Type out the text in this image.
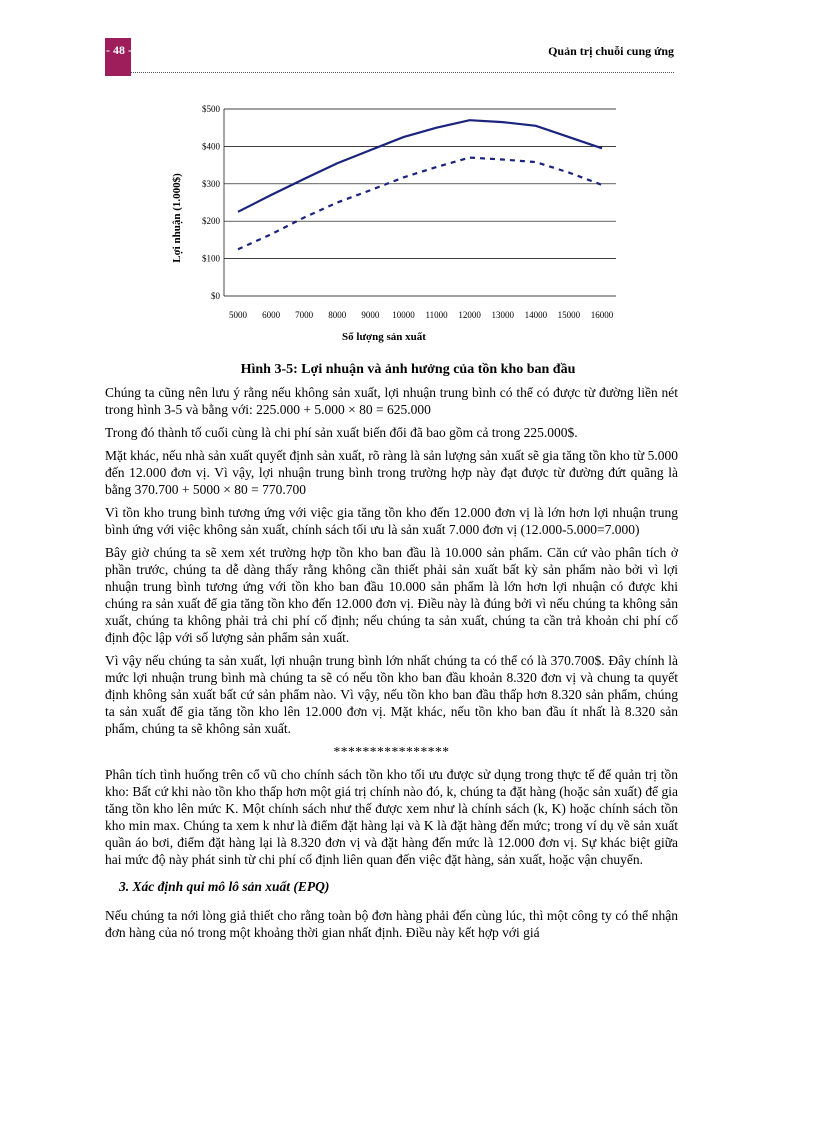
- 48 -	Quản trị chuỗi cung ứng
$0
$100
$200
$300
$400
$500
5000 6000 7000 8000 9000 10000 11000 12000 13000 14000 15000 16000
Lợi nhuận (1.000$)
Số lượng sản xuất
Hình 3-5: Lợi nhuận và ảnh hưởng của tồn kho ban đầu

Chúng ta cũng nên lưu ý rằng nếu không sản xuất, lợi nhuận trung bình có thể có được từ đường liền nét trong hình 3-5 và bằng với: 225.000 + 5.000 × 80 = 625.000

Trong đó thành tố cuối cùng là chi phí sản xuất biến đổi đã bao gồm cả trong 225.000$.

Mặt khác, nếu nhà sản xuất quyết định sản xuất, rõ ràng là sản lượng sản xuất sẽ gia tăng tồn kho từ 5.000 đến 12.000 đơn vị. Vì vậy, lợi nhuận trung bình trong trường hợp này đạt được từ đường đứt quãng là bằng 370.700 + 5000 × 80 = 770.700

Vì tồn kho trung bình tương ứng với việc gia tăng tồn kho đến 12.000 đơn vị là lớn hơn lợi nhuận trung bình ứng với việc không sản xuất, chính sách tối ưu là sản xuất 7.000 đơn vị (12.000-5.000=7.000)

Bây giờ chúng ta sẽ xem xét trường hợp tồn kho ban đầu là 10.000 sản phẩm. Căn cứ vào phân tích ở phần trước, chúng ta dễ dàng thấy rằng không cần thiết phải sản xuất bất kỳ sản phẩm nào bởi vì lợi nhuận trung bình tương ứng với tồn kho ban đầu 10.000 sản phẩm là lớn hơn lợi nhuận có được khi chúng ra sản xuất để gia tăng tồn kho đến 12.000 đơn vị. Điều này là đúng bởi vì nếu chúng ta không sản xuất, chúng ta không phải trả chi phí cố định; nếu chúng ta sản xuất, chúng ta cần trả khoản chi phí cố định độc lập với số lượng sản phẩm sản xuất.

Vì vậy nếu chúng ta sản xuất, lợi nhuận trung bình lớn nhất chúng ta có thể có là 370.700$. Đây chính là mức lợi nhuận trung bình mà chúng ta sẽ có nếu tồn kho ban đầu khoản 8.320 đơn vị và chung ta quyết định không sản xuất bất cứ sản phẩm nào. Vì vậy, nếu tồn kho ban đầu thấp hơn 8.320 sản phẩm, chúng ta sản xuất để gia tăng tồn kho lên 12.000 đơn vị. Mặt khác, nếu tồn kho ban đầu ít nhất là 8.320 sản phẩm, chúng ta sẽ không sản xuất.

****************

Phân tích tình huống trên cổ vũ cho chính sách tồn kho tối ưu được sử dụng trong thực tế để quản trị tồn kho: Bất cứ khi nào tồn kho thấp hơn một giá trị chính nào đó, k, chúng ta đặt hàng (hoặc sản xuất) để gia tăng tồn kho lên mức K. Một chính sách như thế được xem như là chính sách (k, K) hoặc chính sách tồn kho min max. Chúng ta xem k như là điểm đặt hàng lại và K là đặt hàng đến mức; trong ví dụ về sản xuất quần áo bơi, điểm đặt hàng lại là 8.320 đơn vị và đặt hàng đến mức là 12.000 đơn vị. Sự khác biệt giữa hai mức độ này phát sinh từ chi phí cố định liên quan đến việc đặt hàng, sản xuất, hoặc vận chuyển.

3. Xác định qui mô lô sản xuất (EPQ)

Nếu chúng ta nới lòng giả thiết cho rằng toàn bộ đơn hàng phải đến cùng lúc, thì một công ty có thể nhận đơn hàng của nó trong một khoảng thời gian nhất định. Điều này kết hợp với giá
